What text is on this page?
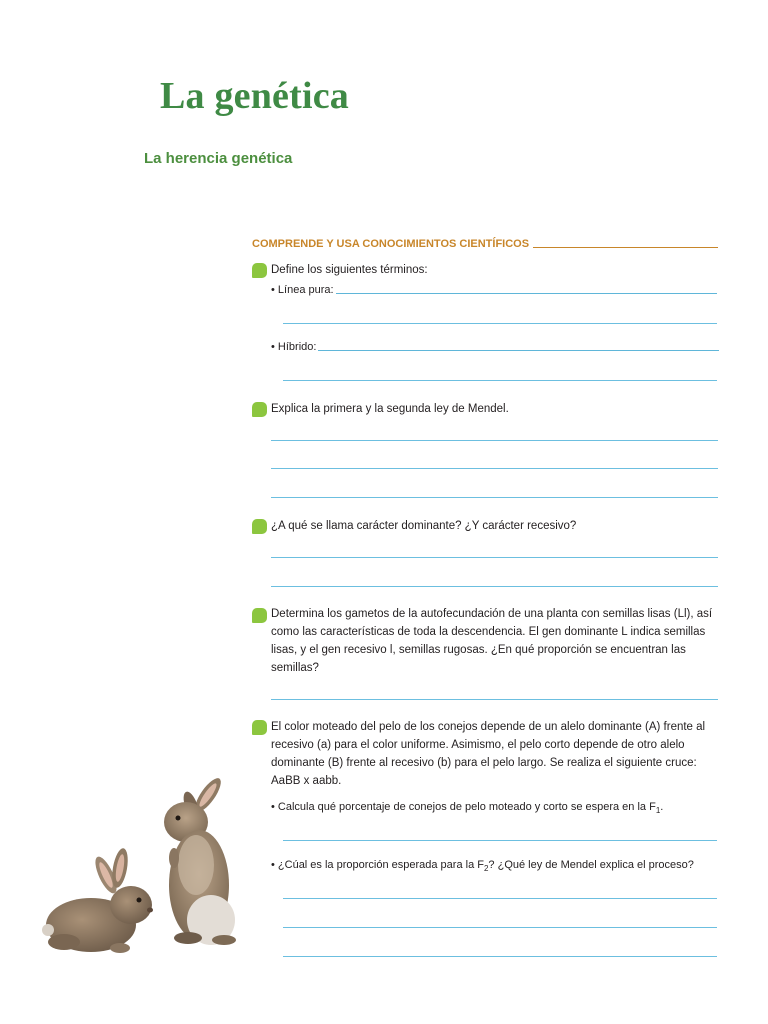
La genética
La herencia genética
COMPRENDE Y USA CONOCIMIENTOS CIENTÍFICOS
Define los siguientes términos:
• Línea pura:
• Híbrido:
Explica la primera y la segunda ley de Mendel.
¿A qué se llama carácter dominante? ¿Y carácter recesivo?
Determina los gametos de la autofecundación de una planta con semillas lisas (Ll), así como las características de toda la descendencia. El gen dominante L indica semillas lisas, y el gen recesivo l, semillas rugosas. ¿En qué proporción se encuentran las semillas?
El color moteado del pelo de los conejos depende de un alelo dominante (A) frente al recesivo (a) para el color uniforme. Asimismo, el pelo corto depende de otro alelo dominante (B) frente al recesivo (b) para el pelo largo. Se realiza el siguiente cruce: AaBB x aabb.
• Calcula qué porcentaje de conejos de pelo moteado y corto se espera en la $F_1$.
• ¿Cúal es la proporción esperada para la $F_2$? ¿Qué ley de Mendel explica el proceso?
